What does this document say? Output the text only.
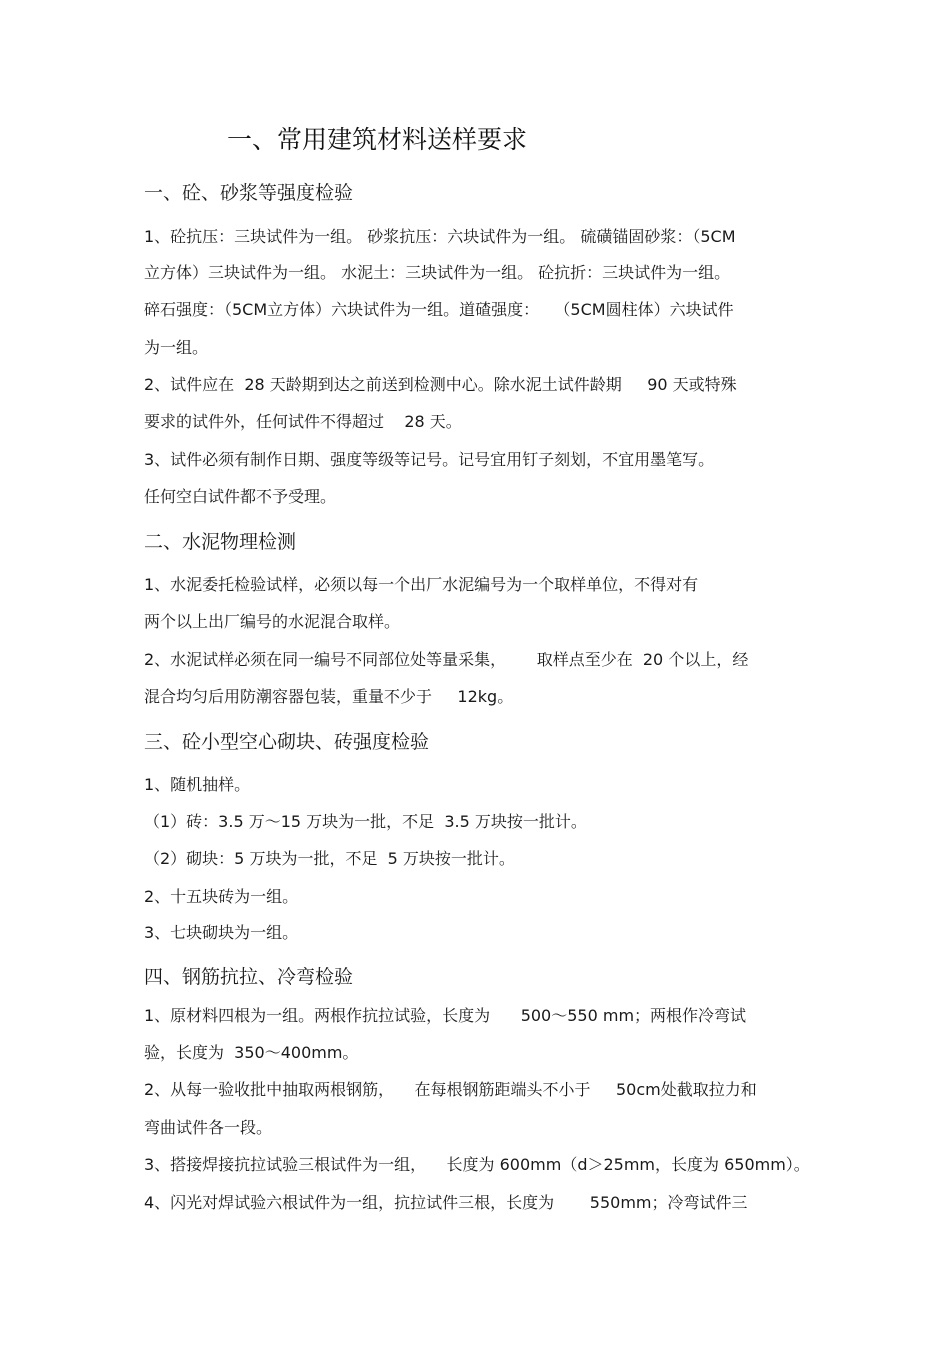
一、常用建筑材料送样要求
一、砼、砂浆等强度检验
1、砼抗压：三块试件为一组。 砂浆抗压：六块试件为一组。 硫磺锚固砂浆：（5CM
立方体）三块试件为一组。 水泥土：三块试件为一组。 砼抗折：三块试件为一组。
碎石强度：（5CM立方体）六块试件为一组。道碴强度：   （5CM圆柱体）六块试件
为一组。
2、试件应在  28 天龄期到达之前送到检测中心。除水泥土试件龄期     90 天或特殊
要求的试件外，任何试件不得超过    28 天。
3、试件必须有制作日期、强度等级等记号。记号宜用钉子刻划，不宜用墨笔写。
任何空白试件都不予受理。
二、水泥物理检测
1、水泥委托检验试样，必须以每一个出厂水泥编号为一个取样单位，不得对有
两个以上出厂编号的水泥混合取样。
2、水泥试样必须在同一编号不同部位处等量采集，      取样点至少在  20 个以上，经
混合均匀后用防潮容器包装，重量不少于     12kg。
三、砼小型空心砌块、砖强度检验
1、随机抽样。
（1）砖：3.5 万～15 万块为一批，不足  3.5 万块按一批计。
（2）砌块：5 万块为一批，不足  5 万块按一批计。
2、十五块砖为一组。
3、七块砌块为一组。
四、钢筋抗拉、冷弯检验
1、原材料四根为一组。两根作抗拉试验，长度为      500～550 mm；两根作冷弯试
验，长度为  350～400mm。
2、从每一验收批中抽取两根钢筋，    在每根钢筋距端头不小于     50cm处截取拉力和
弯曲试件各一段。
3、搭接焊接抗拉试验三根试件为一组，    长度为 600mm（d＞25mm，长度为 650mm）。
4、闪光对焊试验六根试件为一组，抗拉试件三根，长度为       550mm；冷弯试件三
